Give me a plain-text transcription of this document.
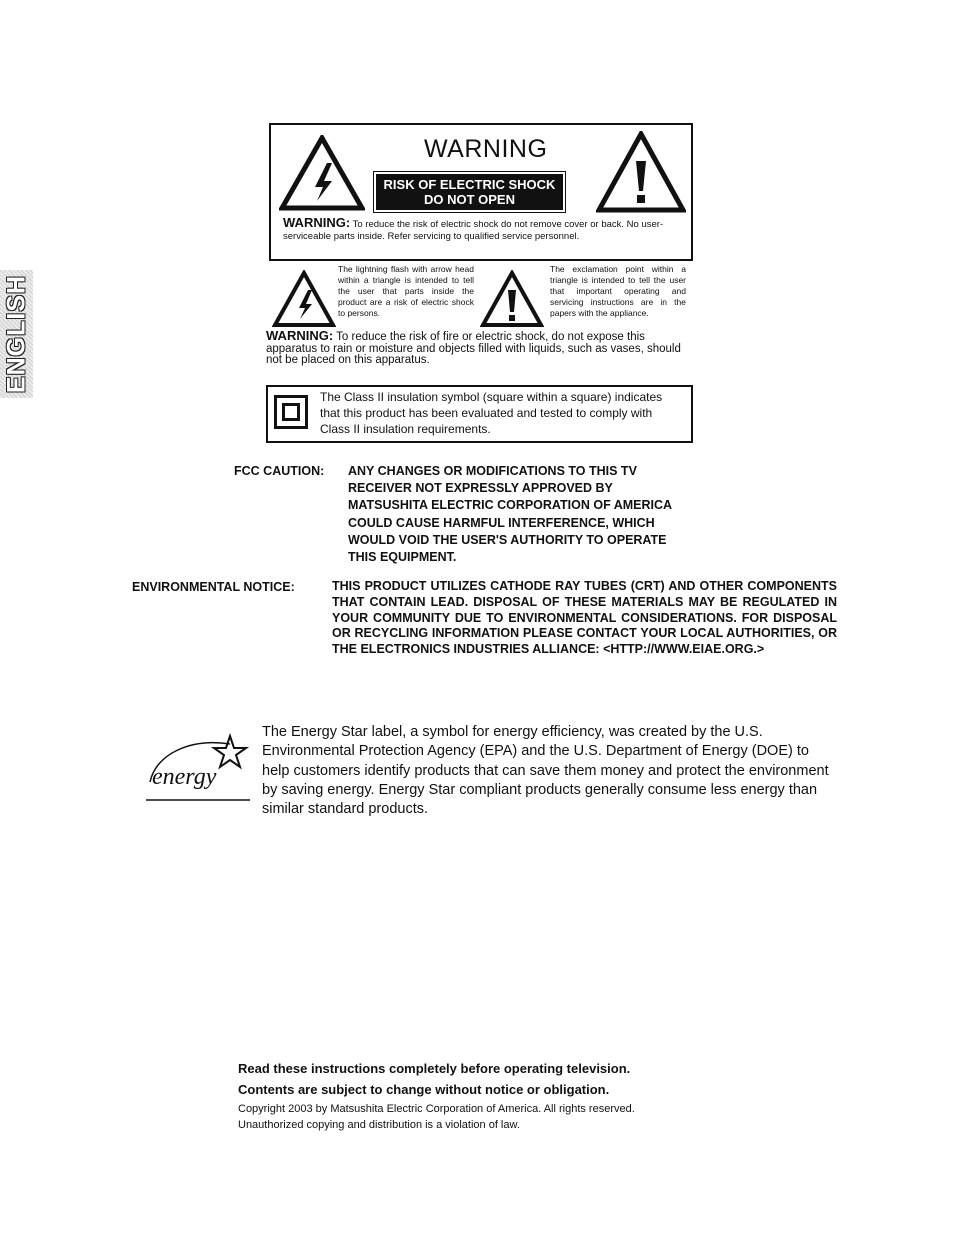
ENGLISH
WARNING
RISK OF ELECTRIC SHOCK
DO NOT OPEN
WARNING: To reduce the risk of electric shock do not remove cover or back. No user-serviceable parts inside. Refer servicing to qualified service personnel.
The lightning flash with arrow head within a triangle is intended to tell the user that parts inside the product are a risk of electric shock to persons.
The exclamation point within a triangle is intended to tell the user that important operating and servicing instructions are in the papers with the appliance.
WARNING: To reduce the risk of fire or electric shock, do not expose this apparatus to rain or moisture and objects filled with liquids, such as vases, should not be placed on this apparatus.
The Class II insulation symbol (square within a square) indicates that this product has been evaluated and tested to comply with Class II insulation requirements.
FCC CAUTION: ANY CHANGES OR MODIFICATIONS TO THIS TV
RECEIVER NOT EXPRESSLY APPROVED BY
MATSUSHITA ELECTRIC CORPORATION OF AMERICA
COULD CAUSE HARMFUL INTERFERENCE, WHICH
WOULD VOID THE USER'S AUTHORITY TO OPERATE
THIS EQUIPMENT.
ENVIRONMENTAL NOTICE:	THIS PRODUCT UTILIZES CATHODE RAY TUBES (CRT) AND OTHER COMPONENTS THAT CONTAIN LEAD. DISPOSAL OF THESE MATERIALS MAY BE REGULATED IN YOUR COMMUNITY DUE TO ENVIRONMENTAL CONSIDERATIONS. FOR DISPOSAL OR RECYCLING INFORMATION PLEASE CONTACT YOUR LOCAL AUTHORITIES, OR THE ELECTRONICS INDUSTRIES ALLIANCE: <HTTP://WWW.EIAE.ORG.>
energy
The Energy Star label, a symbol for energy efficiency, was created by the U.S. Environmental Protection Agency (EPA) and the U.S. Department of Energy (DOE) to help customers identify products that can save them money and protect the environment by saving energy. Energy Star compliant products generally consume less energy than similar standard products.
Read these instructions completely before operating television.
Contents are subject to change without notice or obligation.
Copyright 2003 by Matsushita Electric Corporation of America. All rights reserved.
Unauthorized copying and distribution is a violation of law.
